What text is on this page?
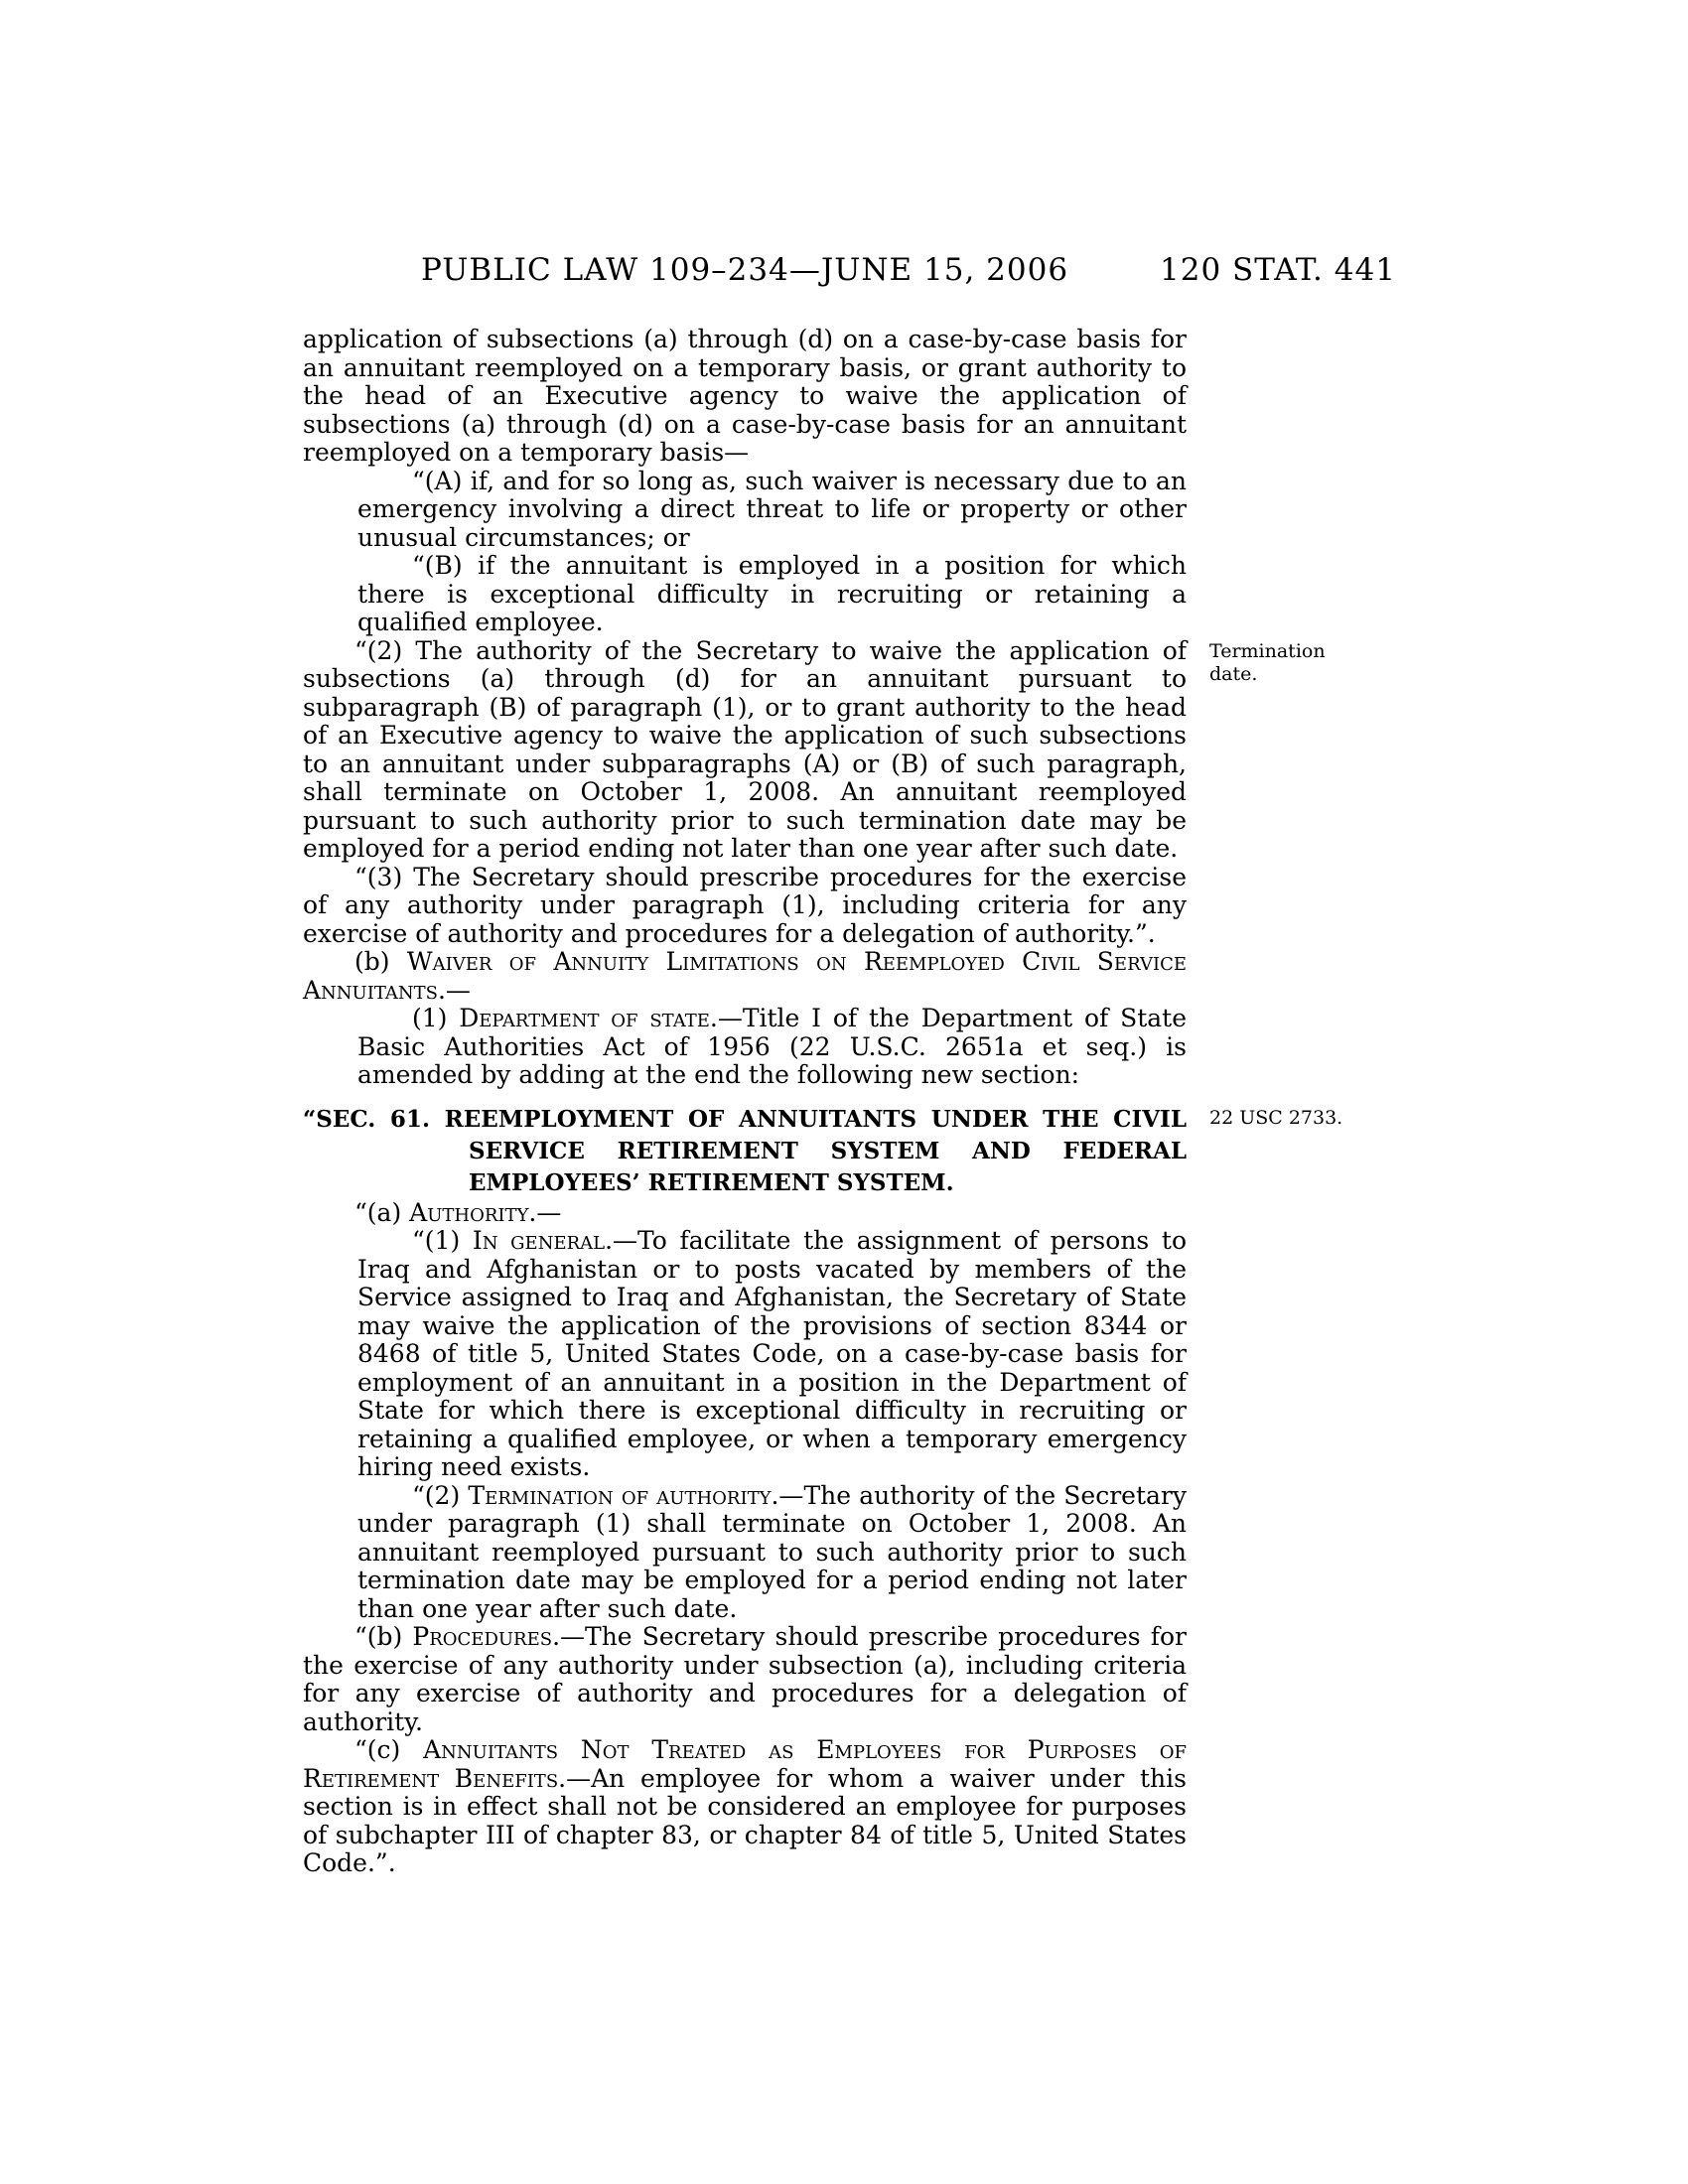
PUBLIC LAW 109–234—JUNE 15, 2006	120 STAT. 441

application of subsections (a) through (d) on a case-by-case basis for an annuitant reemployed on a temporary basis, or grant authority to the head of an Executive agency to waive the application of subsections (a) through (d) on a case-by-case basis for an annuitant reemployed on a temporary basis—

“(A) if, and for so long as, such waiver is necessary due to an emergency involving a direct threat to life or property or other unusual circumstances; or

“(B) if the annuitant is employed in a position for which there is exceptional difficulty in recruiting or retaining a qualified employee.

“(2) The authority of the Secretary to waive the application of subsections (a) through (d) for an annuitant pursuant to subparagraph (B) of paragraph (1), or to grant authority to the head of an Executive agency to waive the application of such subsections to an annuitant under subparagraphs (A) or (B) of such paragraph, shall terminate on October 1, 2008. An annuitant reemployed pursuant to such authority prior to such termination date may be employed for a period ending not later than one year after such date.
Termination date.

“(3) The Secretary should prescribe procedures for the exercise of any authority under paragraph (1), including criteria for any exercise of authority and procedures for a delegation of authority.”.

(b) Waiver of Annuity Limitations on Reemployed Civil Service Annuitants.—

(1) Department of state.—Title I of the Department of State Basic Authorities Act of 1956 (22 U.S.C. 2651a et seq.) is amended by adding at the end the following new section:

“SEC. 61. REEMPLOYMENT OF ANNUITANTS UNDER THE CIVIL SERVICE RETIREMENT SYSTEM AND FEDERAL EMPLOYEES’ RETIREMENT SYSTEM.
22 USC 2733.

“(a) Authority.—

“(1) In general.—To facilitate the assignment of persons to Iraq and Afghanistan or to posts vacated by members of the Service assigned to Iraq and Afghanistan, the Secretary of State may waive the application of the provisions of section 8344 or 8468 of title 5, United States Code, on a case-by-case basis for employment of an annuitant in a position in the Department of State for which there is exceptional difficulty in recruiting or retaining a qualified employee, or when a temporary emergency hiring need exists.

“(2) Termination of authority.—The authority of the Secretary under paragraph (1) shall terminate on October 1, 2008. An annuitant reemployed pursuant to such authority prior to such termination date may be employed for a period ending not later than one year after such date.

“(b) Procedures.—The Secretary should prescribe procedures for the exercise of any authority under subsection (a), including criteria for any exercise of authority and procedures for a delegation of authority.

“(c) Annuitants Not Treated as Employees for Purposes of Retirement Benefits.—An employee for whom a waiver under this section is in effect shall not be considered an employee for purposes of subchapter III of chapter 83, or chapter 84 of title 5, United States Code.”.
